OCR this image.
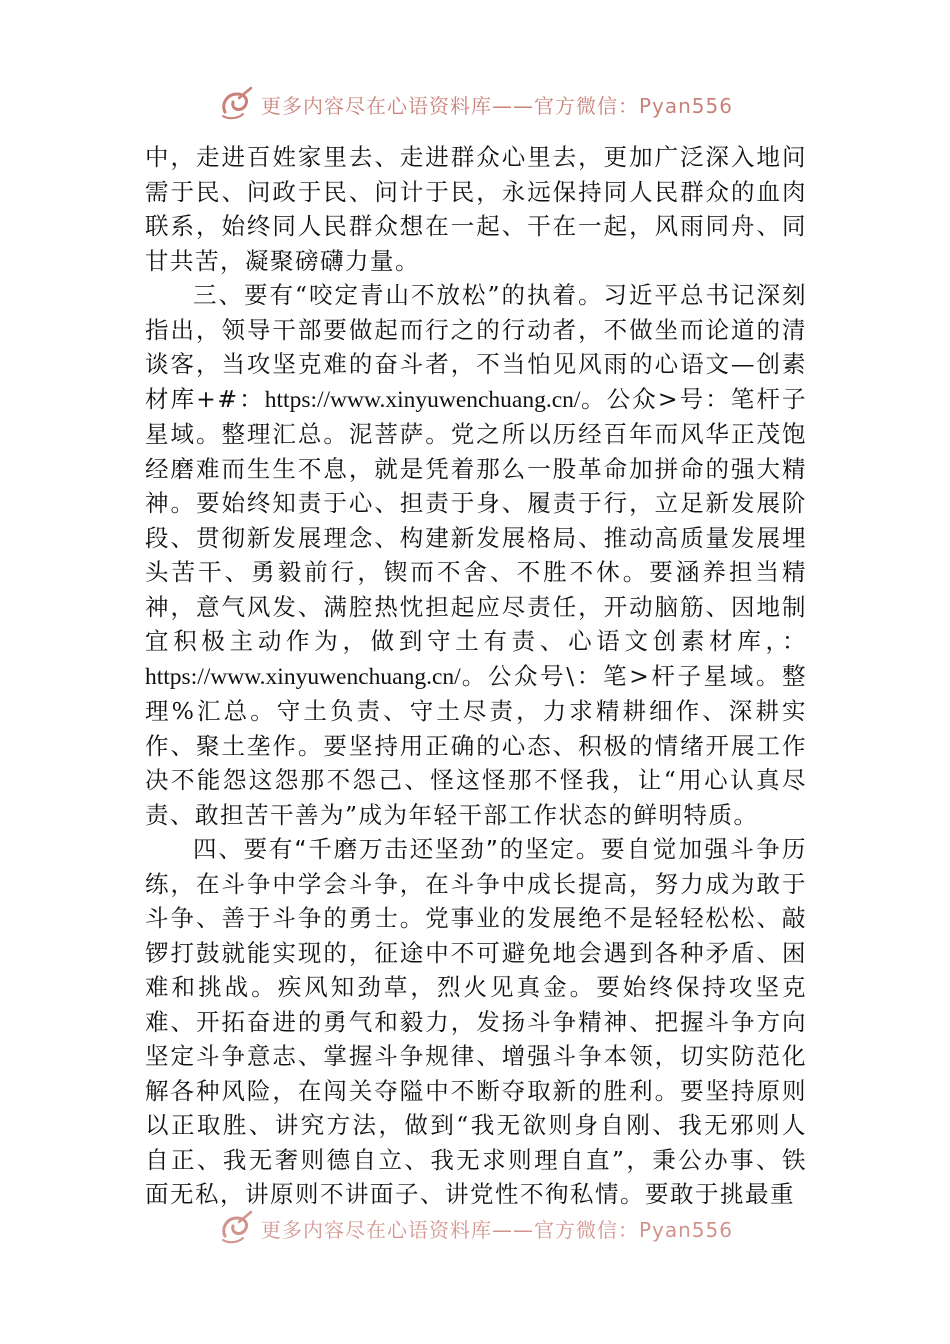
更多内容尽在心语资料库——官方微信：Pyan556

中，走进百姓家里去、走进群众心里去，更加广泛深入地问需于民、问政于民、问计于民，永远保持同人民群众的血肉联系，始终同人民群众想在一起、干在一起，风雨同舟、同甘共苦，凝聚磅礴力量。

三、要有“咬定青山不放松”的执着。习近平总书记深刻指出，领导干部要做起而行之的行动者，不做坐而论道的清谈客，当攻坚克难的奋斗者，不当怕见风雨的心语文—创素材库+#：https://www.xinyuwenchuang.cn/。公众>号：笔杆子星域。整理汇总。泥菩萨。党之所以历经百年而风华正茂饱经磨难而生生不息，就是凭着那么一股革命加拼命的强大精神。要始终知责于心、担责于身、履责于行，立足新发展阶段、贯彻新发展理念、构建新发展格局、推动高质量发展埋头苦干、勇毅前行，锲而不舍、不胜不休。要涵养担当精神，意气风发、满腔热忱担起应尽责任，开动脑筋、因地制宜积极主动作为，做到守土有责、心语文创素材库，：https://www.xinyuwenchuang.cn/。公众号\：笔>杆子星域。整理%汇总。守土负责、守土尽责，力求精耕细作、深耕实作、聚土垄作。要坚持用正确的心态、积极的情绪开展工作决不能怨这怨那不怨己、怪这怪那不怪我，让“用心认真尽责、敢担苦干善为”成为年轻干部工作状态的鲜明特质。

四、要有“千磨万击还坚劲”的坚定。要自觉加强斗争历练，在斗争中学会斗争，在斗争中成长提高，努力成为敢于斗争、善于斗争的勇士。党事业的发展绝不是轻轻松松、敲锣打鼓就能实现的，征途中不可避免地会遇到各种矛盾、困难和挑战。疾风知劲草，烈火见真金。要始终保持攻坚克难、开拓奋进的勇气和毅力，发扬斗争精神、把握斗争方向坚定斗争意志、掌握斗争规律、增强斗争本领，切实防范化解各种风险，在闯关夺隘中不断夺取新的胜利。要坚持原则以正取胜、讲究方法，做到“我无欲则身自刚、我无邪则人自正、我无奢则德自立、我无求则理自直”，秉公办事、铁面无私，讲原则不讲面子、讲党性不徇私情。要敢于挑最重

更多内容尽在心语资料库——官方微信：Pyan556
